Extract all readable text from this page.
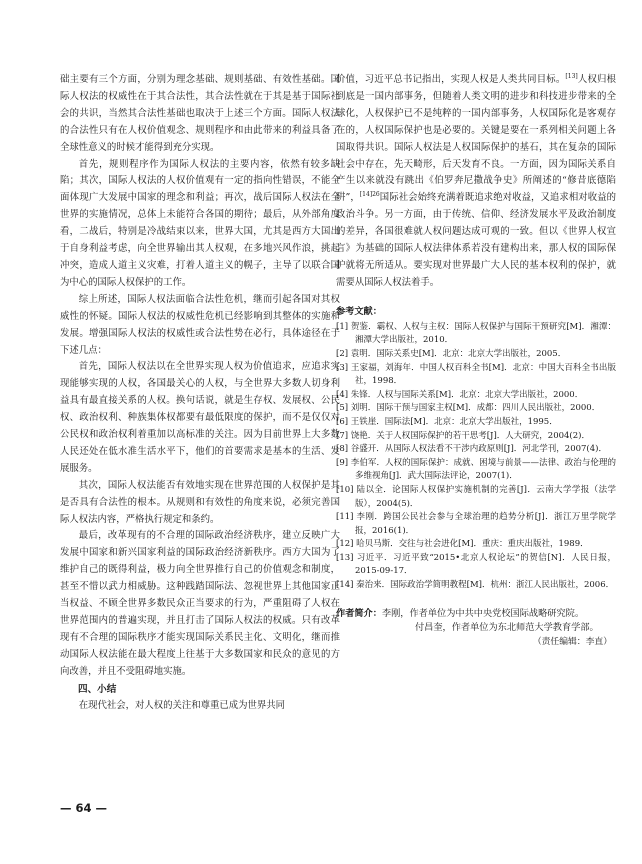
础主要有三个方面，分别为理念基础、规则基础、有效性基础。国际人权法的权威性在于其合法性，其合法性就在于其是基于国际社会的共识，当然其合法性基础也取决于上述三个方面。国际人权法的合法性只有在人权价值观念、规则程序和由此带来的利益具备了全球性意义的时候才能得到充分实现。

首先，规则程序作为国际人权法的主要内容，依然有较多缺陷；其次，国际人权法的人权价值观有一定的指向性错误，不能全面体现广大发展中国家的理念和利益；再次，战后国际人权法在全世界的实施情况，总体上未能符合各国的期待；最后，从外部角度看，二战后，特别是冷战结束以来，世界大国，尤其是西方大国出于自身利益考虑，向全世界输出其人权观，在多地兴风作浪，挑起冲突，造成人道主义灾难，打着人道主义的幌子，主导了以联合国为中心的国际人权保护的工作。

综上所述，国际人权法面临合法性危机，继而引起各国对其权威性的怀疑。国际人权法的权威性危机已经影响到其整体的实施和发展。增强国际人权法的权威性或合法性势在必行，具体途径在于下述几点：

首先，国际人权法以在全世界实现人权为价值追求，应追求实现能够实现的人权，各国最关心的人权，与全世界大多数人切身利益具有最直接关系的人权。换句话说，就是生存权、发展权、公民权、政治权利、种族集体权都要有最低限度的保护，而不是仅仅对公民权和政治权利着重加以高标准的关注。因为目前世界上大多数人民还处在低水准生活水平下，他们的首要需求是基本的生活、发展服务。

其次，国际人权法能否有效地实现在世界范围的人权保护是其是否具有合法性的根本。从规则和有效性的角度来说，必须完善国际人权法内容，严格执行规定和条约。

最后，改革现有的不合理的国际政治经济秩序，建立反映广大发展中国家和新兴国家利益的国际政治经济新秩序。西方大国为了维护自己的既得利益，极力向全世界推行自己的价值观念和制度，甚至不惜以武力相威胁。这种践踏国际法、忽视世界上其他国家正当权益、不顾全世界多数民众正当要求的行为，严重阻碍了人权在世界范围内的普遍实现，并且打击了国际人权法的权威。只有改革现有不合理的国际秩序才能实现国际关系民主化、文明化，继而推动国际人权法能在最大程度上往基于大多数国家和民众的意见的方向改善，并且不受阻碍地实施。

四、小结

在现代社会，对人权的关注和尊重已成为世界共同

价值，习近平总书记指出，实现人权是人类共同目标。[13]人权归根到底是一国内部事务，但随着人类文明的进步和科技进步带来的全球化，人权保护已不是纯粹的一国内部事务，人权国际化是客观存在的，人权国际保护也是必要的。关键是要在一系列相关问题上各国取得共识。国际人权法是人权国际保护的基石，其在复杂的国际社会中存在，先天畸形，后天发育不良。一方面，因为国际关系自产生以来就没有跳出《伯罗奔尼撒战争史》所阐述的“修昔底德陷阱”，$^{[14]26}$国际社会始终充满着既追求绝对收益，又追求相对收益的政治斗争。另一方面，由于传统、信仰、经济发展水平及政治制度的差异，各国很难就人权问题达成可观的一致。但以《世界人权宣言》为基础的国际人权法律体系若没有建构出来，那人权的国际保护就将无所适从。要实现对世界最广大人民的基本权利的保护，就需要从国际人权法着手。

参考文献：

[1] 贺鉴．霸权、人权与主权：国际人权保护与国际干预研究[M]．湘潭：湘潭大学出版社，2010．

[2] 袁明．国际关系史[M]．北京：北京大学出版社，2005．

[3] 王家福，刘海年．中国人权百科全书[M]．北京：中国大百科全书出版社，1998．

[4] 朱锋．人权与国际关系[M]．北京：北京大学出版社，2000．

[5] 刘明．国际干预与国家主权[M]．成都：四川人民出版社，2000．

[6] 王铁崖．国际法[M]．北京：北京大学出版社，1995．

[7] 饶艳．关于人权国际保护的若干思考[J]．人大研究，2004(2)．

[8] 谷盛开．从国际人权法看不干涉内政原则[J]．河北学刊，2007(4)．

[9] 李伯军．人权的国际保护：成就、困境与前景——法律、政治与伦理的多维视角[J]．武大国际法评论，2007(1)．

[10] 陆以全．论国际人权保护实施机制的完善[J]．云南大学学报（法学版），2004(5)．

[11] 李刚．跨国公民社会参与全球治理的趋势分析[J]．浙江万里学院学报，2016(1)．

[12] 哈贝马斯．交往与社会进化[M]．重庆：重庆出版社，1989．

[13] 习近平．习近平致“2015•北京人权论坛”的贺信[N]．人民日报，2015-09-17．

[14] 秦治来．国际政治学简明教程[M]．杭州：浙江人民出版社，2006．

作者简介：李刚，作者单位为中共中央党校国际战略研究院。

付昌奎，作者单位为东北师范大学教育学部。

（责任编辑：李直）

— 64 —
